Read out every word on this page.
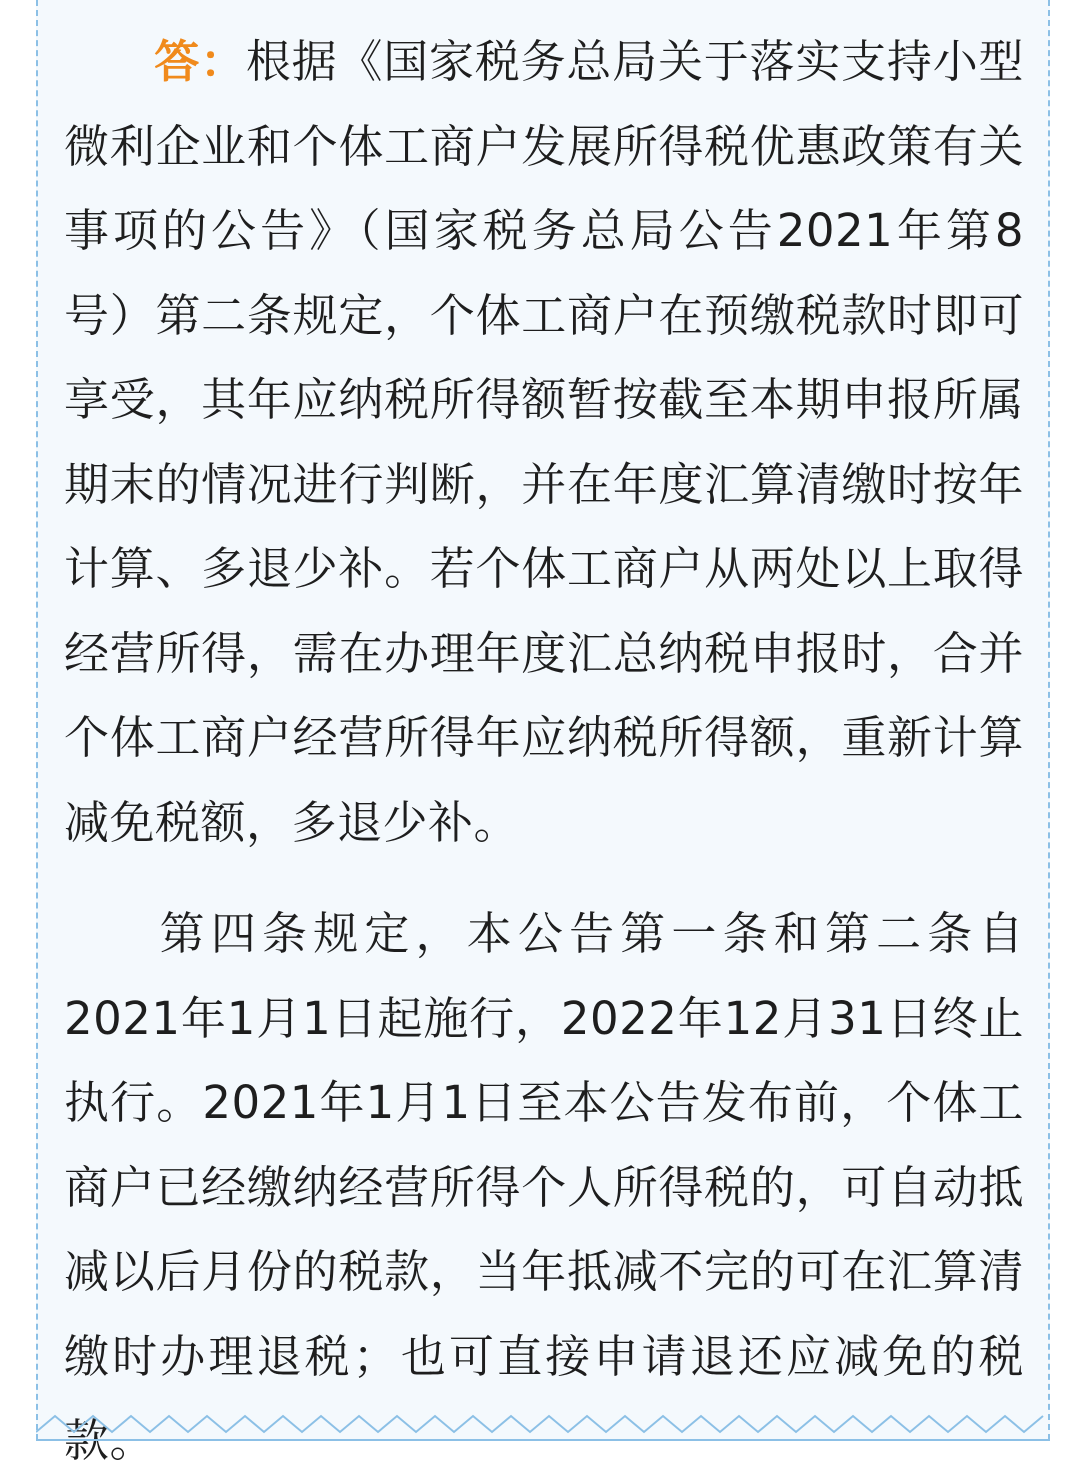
答：根据《国家税务总局关于落实支持小型微利企业和个体工商户发展所得税优惠政策有关事项的公告》（国家税务总局公告2021年第8号）第二条规定，个体工商户在预缴税款时即可享受，其年应纳税所得额暂按截至本期申报所属期末的情况进行判断，并在年度汇算清缴时按年计算、多退少补。若个体工商户从两处以上取得经营所得，需在办理年度汇总纳税申报时，合并个体工商户经营所得年应纳税所得额，重新计算减免税额，多退少补。

第四条规定，本公告第一条和第二条自2021年1月1日起施行，2022年12月31日终止执行。2021年1月1日至本公告发布前，个体工商户已经缴纳经营所得个人所得税的，可自动抵减以后月份的税款，当年抵减不完的可在汇算清缴时办理退税；也可直接申请退还应减免的税款。
